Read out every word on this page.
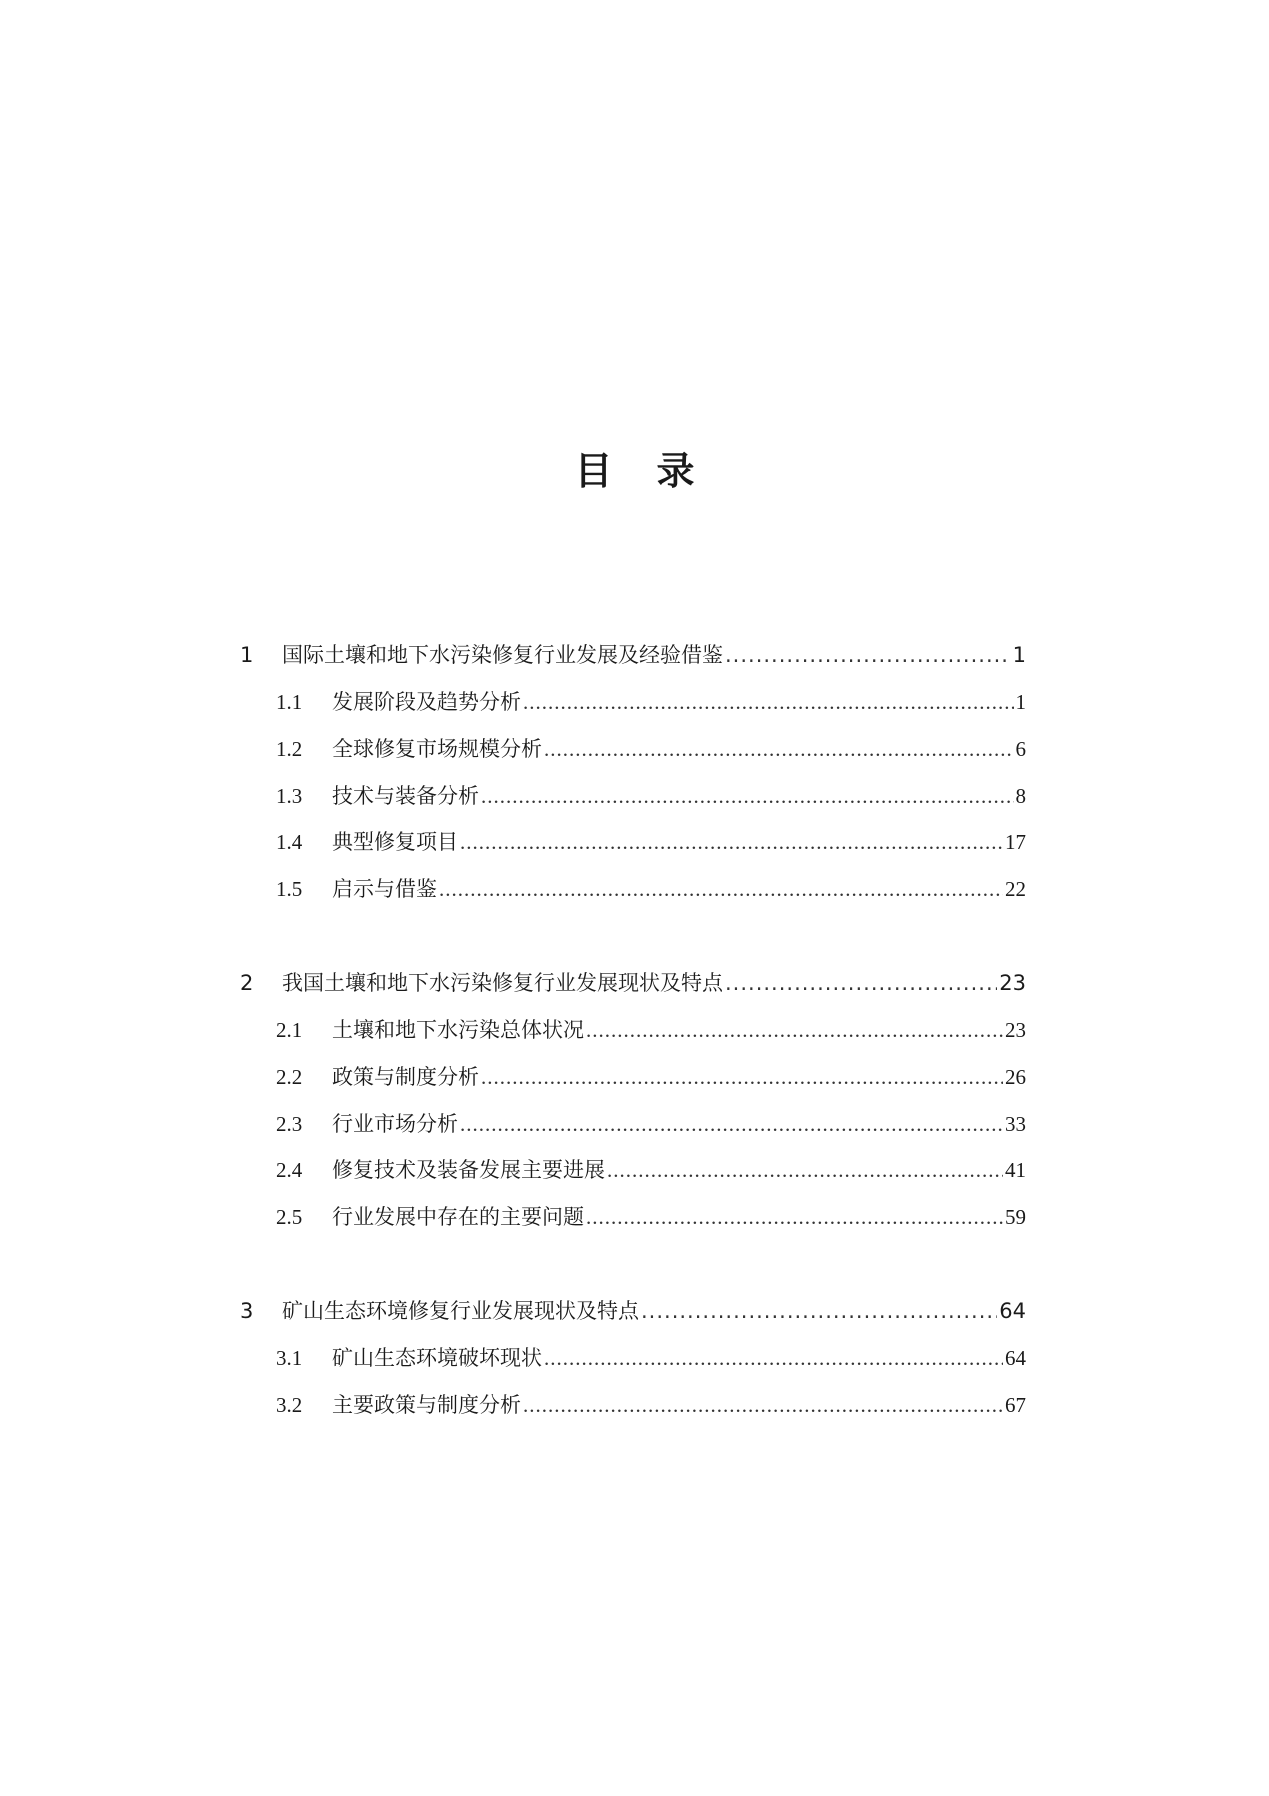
目 录
1	国际土壤和地下水污染修复行业发展及经验借鉴 .....	1
1.1	发展阶段及趋势分析 .....	1
1.2	全球修复市场规模分析 .....	6
1.3	技术与装备分析 .....	8
1.4	典型修复项目 .....	17
1.5	启示与借鉴 .....	22
2	我国土壤和地下水污染修复行业发展现状及特点 .....	23
2.1	土壤和地下水污染总体状况 .....	23
2.2	政策与制度分析 .....	26
2.3	行业市场分析 .....	33
2.4	修复技术及装备发展主要进展 .....	41
2.5	行业发展中存在的主要问题 .....	59
3	矿山生态环境修复行业发展现状及特点 .....	64
3.1	矿山生态环境破坏现状 .....	64
3.2	主要政策与制度分析 .....	67
